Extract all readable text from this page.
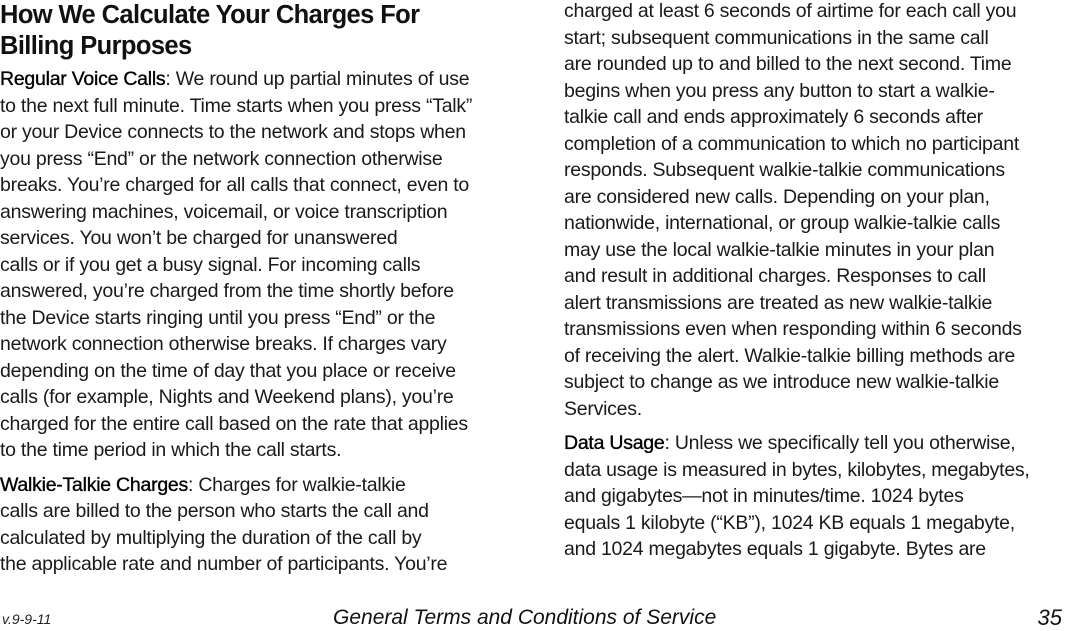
How We Calculate Your Charges For
Billing Purposes

Regular Voice Calls: We round up partial minutes of use
to the next full minute. Time starts when you press “Talk”
or your Device connects to the network and stops when
you press “End” or the network connection otherwise
breaks. You’re charged for all calls that connect, even to
answering machines, voicemail, or voice transcription
services. You won’t be charged for unanswered
calls or if you get a busy signal. For incoming calls
answered, you’re charged from the time shortly before
the Device starts ringing until you press “End” or the
network connection otherwise breaks. If charges vary
depending on the time of day that you place or receive
calls (for example, Nights and Weekend plans), you’re
charged for the entire call based on the rate that applies
to the time period in which the call starts.

Walkie-Talkie Charges: Charges for walkie-talkie
calls are billed to the person who starts the call and
calculated by multiplying the duration of the call by
the applicable rate and number of participants. You’re

charged at least 6 seconds of airtime for each call you
start; subsequent communications in the same call
are rounded up to and billed to the next second. Time
begins when you press any button to start a walkie-
talkie call and ends approximately 6 seconds after
completion of a communication to which no participant
responds. Subsequent walkie-talkie communications
are considered new calls. Depending on your plan,
nationwide, international, or group walkie-talkie calls
may use the local walkie-talkie minutes in your plan
and result in additional charges. Responses to call
alert transmissions are treated as new walkie-talkie
transmissions even when responding within 6 seconds
of receiving the alert. Walkie-talkie billing methods are
subject to change as we introduce new walkie-talkie
Services.

Data Usage: Unless we specifically tell you otherwise,
data usage is measured in bytes, kilobytes, megabytes,
and gigabytes—not in minutes/time. 1024 bytes
equals 1 kilobyte (“KB”), 1024 KB equals 1 megabyte,
and 1024 megabytes equals 1 gigabyte. Bytes are

v.9-9-11	General Terms and Conditions of Service	35
